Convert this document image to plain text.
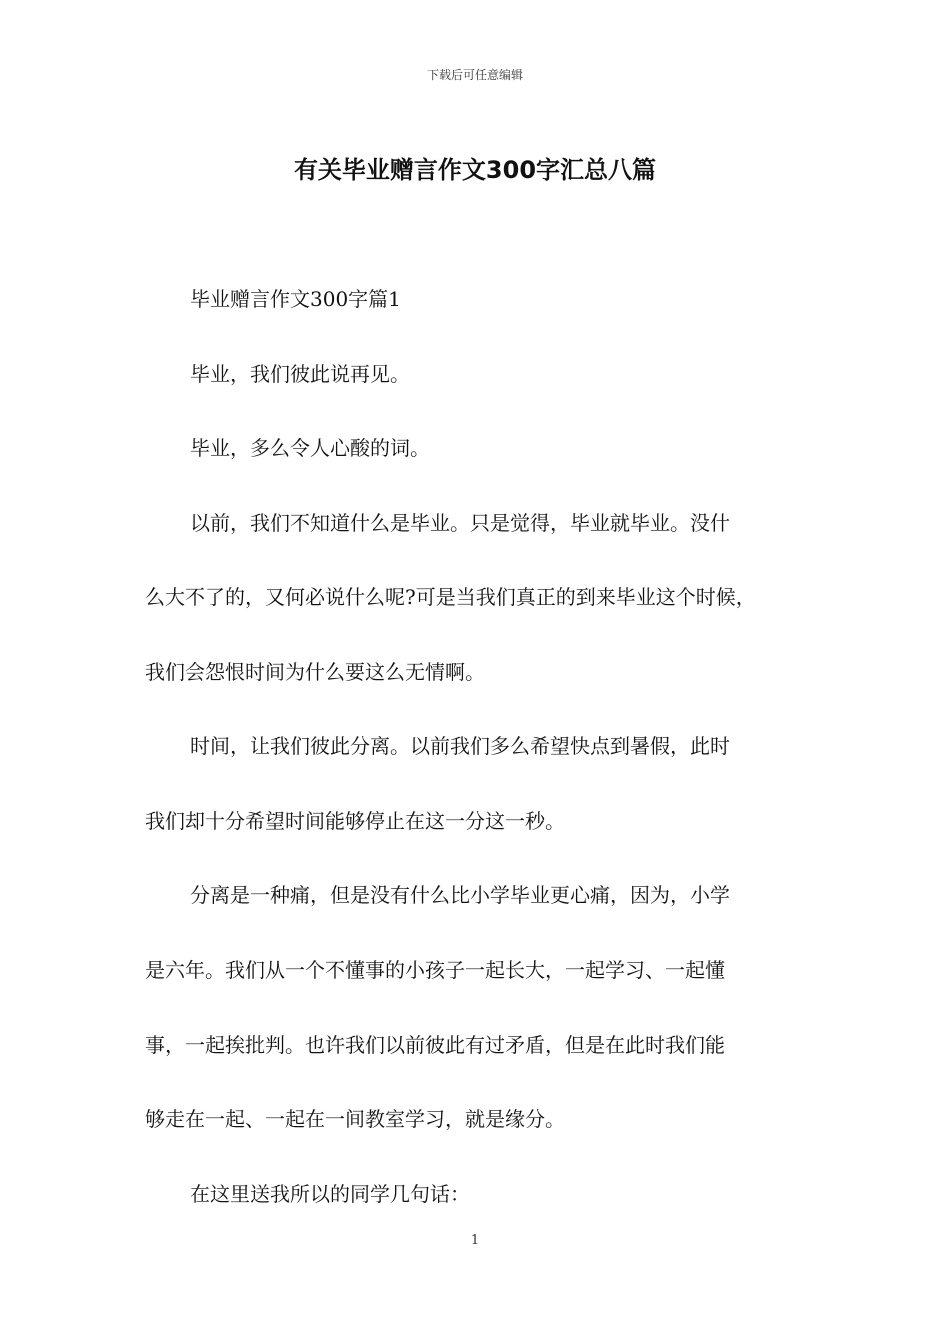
下载后可任意编辑
有关毕业赠言作文300字汇总八篇

毕业赠言作文300字篇1

毕业，我们彼此说再见。

毕业，多么令人心酸的词。

以前，我们不知道什么是毕业。只是觉得，毕业就毕业。没什

么大不了的，又何必说什么呢?可是当我们真正的到来毕业这个时候，

我们会怨恨时间为什么要这么无情啊。

时间，让我们彼此分离。以前我们多么希望快点到暑假，此时

我们却十分希望时间能够停止在这一分这一秒。

分离是一种痛，但是没有什么比小学毕业更心痛，因为，小学

是六年。我们从一个不懂事的小孩子一起长大，一起学习、一起懂

事，一起挨批判。也许我们以前彼此有过矛盾，但是在此时我们能

够走在一起、一起在一间教室学习，就是缘分。

在这里送我所以的同学几句话：

1
